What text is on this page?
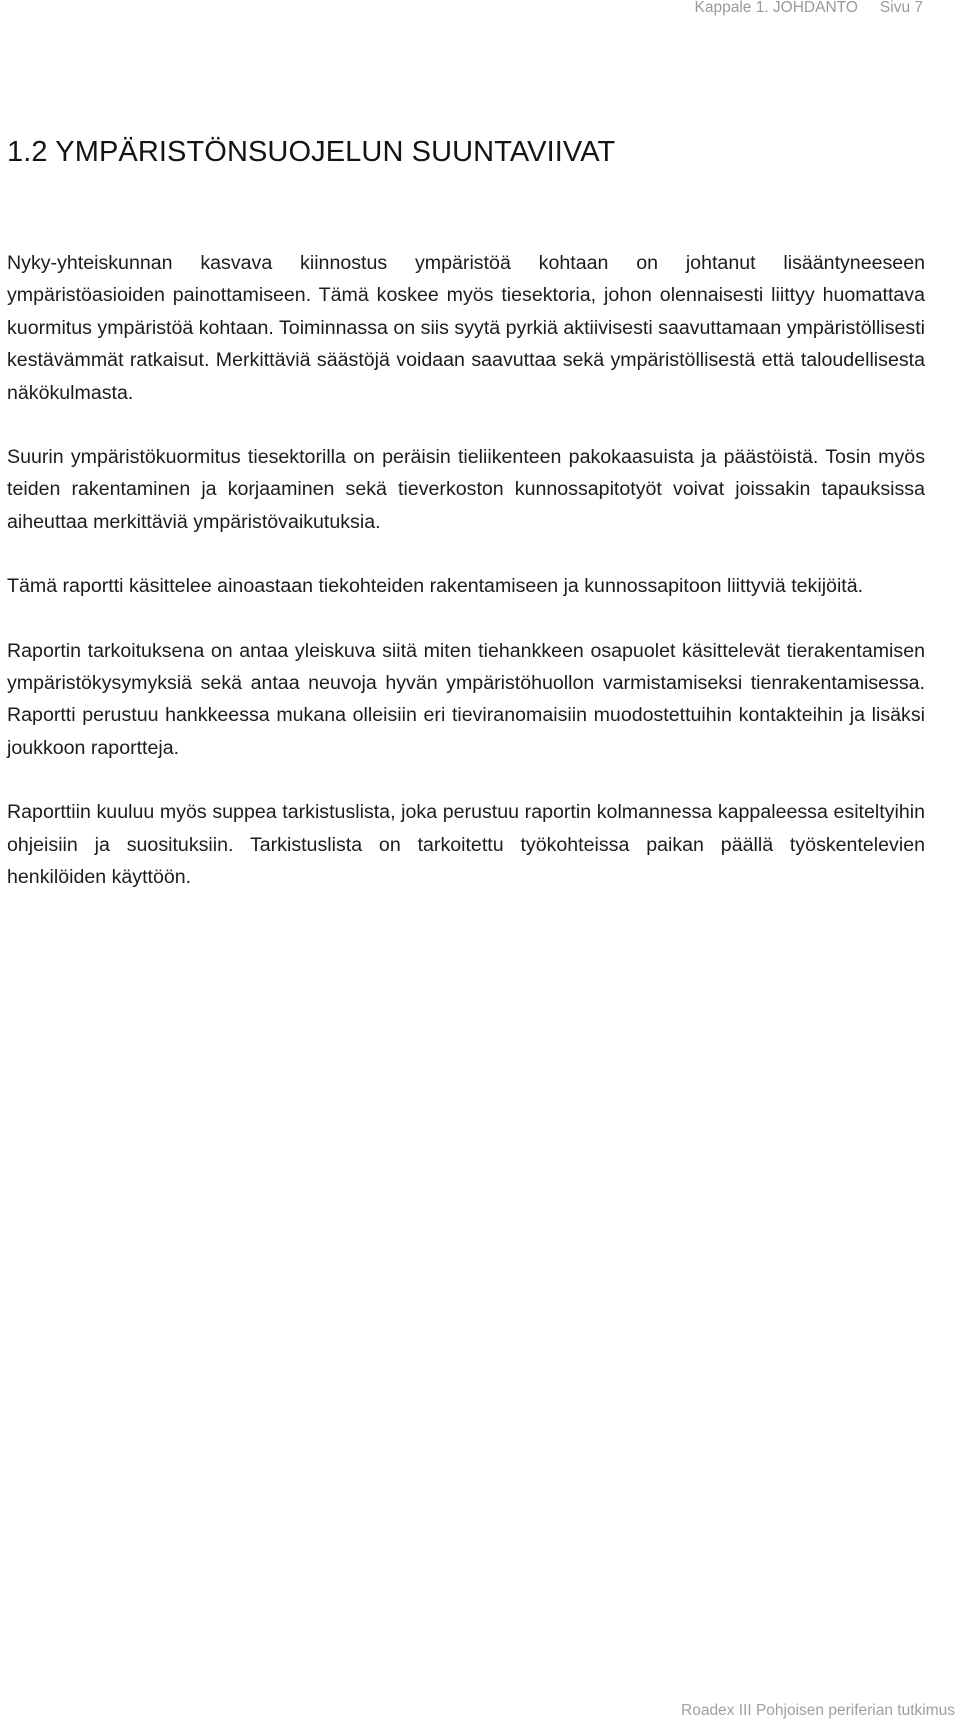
Kappale 1. JOHDANTO Sivu 7
1.2 YMPÄRISTÖNSUOJELUN SUUNTAVIIVAT

Nyky-yhteiskunnan kasvava kiinnostus ympäristöä kohtaan on johtanut lisääntyneeseen ympäristöasioiden painottamiseen. Tämä koskee myös tiesektoria, johon olennaisesti liittyy huomattava kuormitus ympäristöä kohtaan. Toiminnassa on siis syytä pyrkiä aktiivisesti saavuttamaan ympäristöllisesti kestävämmät ratkaisut. Merkittäviä säästöjä voidaan saavuttaa sekä ympäristöllisestä että taloudellisesta näkökulmasta.

Suurin ympäristökuormitus tiesektorilla on peräisin tieliikenteen pakokaasuista ja päästöistä. Tosin myös teiden rakentaminen ja korjaaminen sekä tieverkoston kunnossapitotyöt voivat joissakin tapauksissa aiheuttaa merkittäviä ympäristövaikutuksia.

Tämä raportti käsittelee ainoastaan tiekohteiden rakentamiseen ja kunnossapitoon liittyviä tekijöitä.

Raportin tarkoituksena on antaa yleiskuva siitä miten tiehankkeen osapuolet käsittelevät tierakentamisen ympäristökysymyksiä sekä antaa neuvoja hyvän ympäristöhuollon varmistamiseksi tienrakentamisessa. Raportti perustuu hankkeessa mukana olleisiin eri tieviranomaisiin muodostettuihin kontakteihin ja lisäksi joukkoon raportteja.

Raporttiin kuuluu myös suppea tarkistuslista, joka perustuu raportin kolmannessa kappaleessa esiteltyihin ohjeisiin ja suosituksiin. Tarkistuslista on tarkoitettu työkohteissa paikan päällä työskentelevien henkilöiden käyttöön.

Roadex III Pohjoisen periferian tutkimus
